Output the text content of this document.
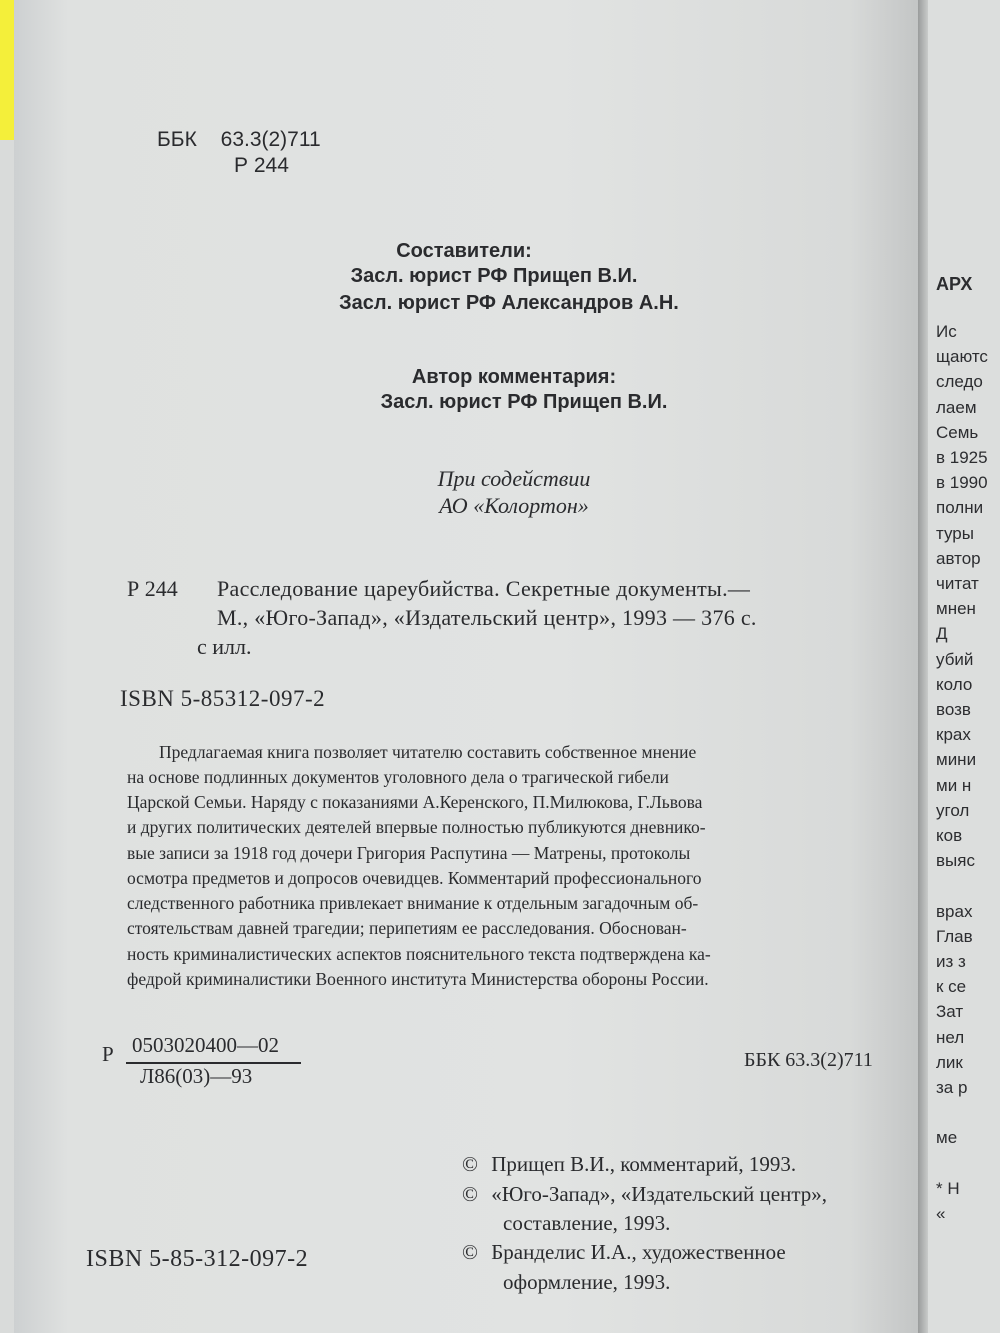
ББК 63.3(2)711
Р 244
Составители:
Засл. юрист РФ Прищеп В.И.
Засл. юрист РФ Александров А.Н.
Автор комментария:
Засл. юрист РФ Прищеп В.И.
При содействии
АО «Колортон»
Р 244 Расследование цареубийства. Секретные документы.—
М., «Юго-Запад», «Издательский центр», 1993 — 376 с.
с илл.
ISBN 5-85312-097-2
Предлагаемая книга позволяет читателю составить собственное мнение
на основе подлинных документов уголовного дела о трагической гибели
Царской Семьи. Наряду с показаниями А.Керенского, П.Милюкова, Г.Львова
и других политических деятелей впервые полностью публикуются дневнико-
вые записи за 1918 год дочери Григория Распутина — Матрены, протоколы
осмотра предметов и допросов очевидцев. Комментарий профессионального
следственного работника привлекает внимание к отдельным загадочным об-
стоятельствам давней трагедии; перипетиям ее расследования. Обоснован-
ность криминалистических аспектов пояснительного текста подтверждена ка-
федрой криминалистики Военного института Министерства обороны России.
Р 0503020400—02
Л86(03)—93
ББК 63.3(2)711
© Прищеп В.И., комментарий, 1993.
© «Юго-Запад», «Издательский центр»,
составление, 1993.
© Бранделис И.А., художественное
оформление, 1993.
ISBN 5-85-312-097-2
АРХ
Ис
щаютс
следо
лаем
Семь
в 1925
в 1990
полни
туры
автор
читат
мнен
Д
убий
коло
возв
крах
мини
ми н
угол
ков
выяс
врах
Глав
из з
к се
Зат
нел
лик
за р
ме
* Н
«
